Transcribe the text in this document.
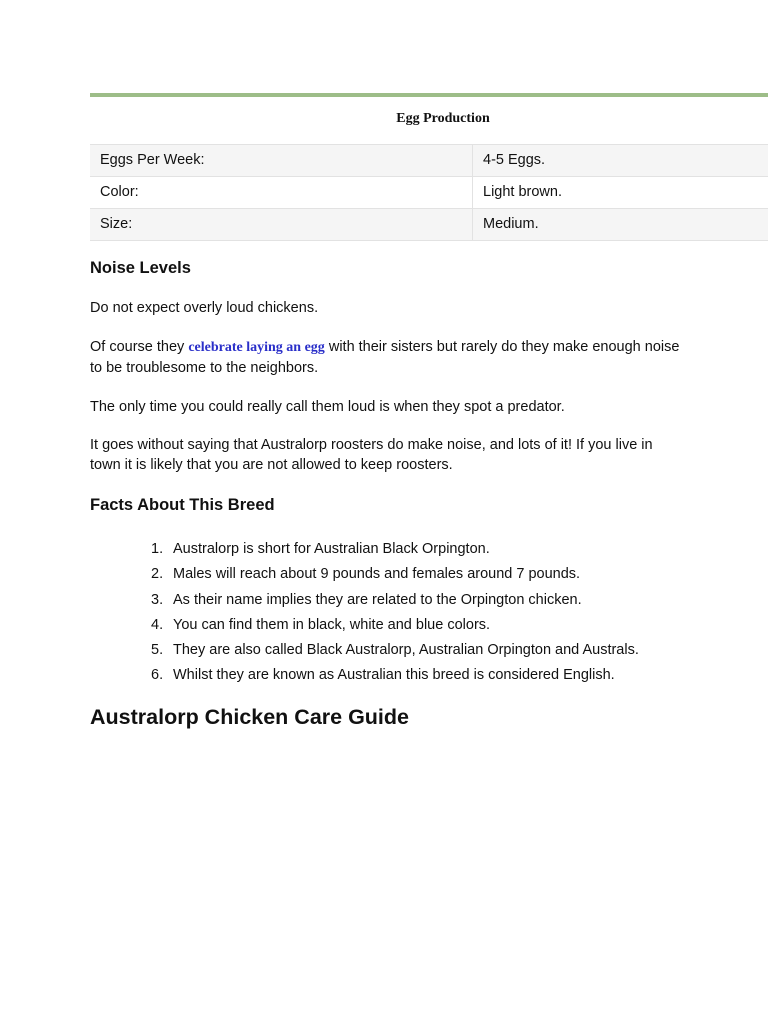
Egg Production
Eggs Per Week:	4-5 Eggs.
Color:	Light brown.
Size:	Medium.
Noise Levels

Do not expect overly loud chickens.

Of course they celebrate laying an egg with their sisters but rarely do they make enough noise to be troublesome to the neighbors.

The only time you could really call them loud is when they spot a predator.

It goes without saying that Australorp roosters do make noise, and lots of it! If you live in town it is likely that you are not allowed to keep roosters.

Facts About This Breed
1. Australorp is short for Australian Black Orpington.
2. Males will reach about 9 pounds and females around 7 pounds.
3. As their name implies they are related to the Orpington chicken.
4. You can find them in black, white and blue colors.
5. They are also called Black Australorp, Australian Orpington and Australs.
6. Whilst they are known as Australian this breed is considered English.
Australorp Chicken Care Guide
